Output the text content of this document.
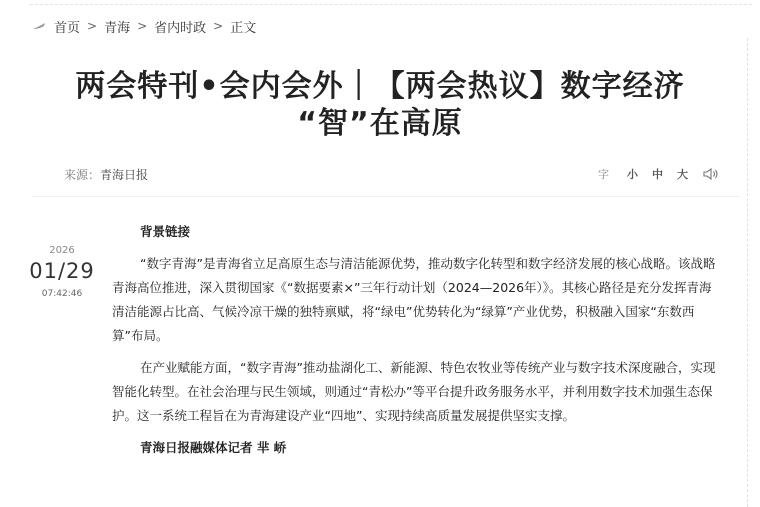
首页 > 青海 > 省内时政 > 正文
两会特刊•会内会外｜【两会热议】数字经济
“智”在高原
来源： 青海日报	字 小 中 大
2026
01/29
07:42:46
背景链接

“数字青海”是青海省立足高原生态与清洁能源优势，推动数字化转型和数字经济发展的核心战略。该战略青海高位推进，深入贯彻国家《“数据要素×”三年行动计划（2024—2026年）》。其核心路径是充分发挥青海清洁能源占比高、气候冷凉干燥的独特禀赋，将“绿电”优势转化为“绿算”产业优势，积极融入国家“东数西算”布局。

在产业赋能方面，“数字青海”推动盐湖化工、新能源、特色农牧业等传统产业与数字技术深度融合，实现智能化转型。在社会治理与民生领域，则通过“青松办”等平台提升政务服务水平，并利用数字技术加强生态保护。这一系统工程旨在为青海建设产业“四地”、实现持续高质量发展提供坚实支撑。

青海日报融媒体记者 芈 峤
